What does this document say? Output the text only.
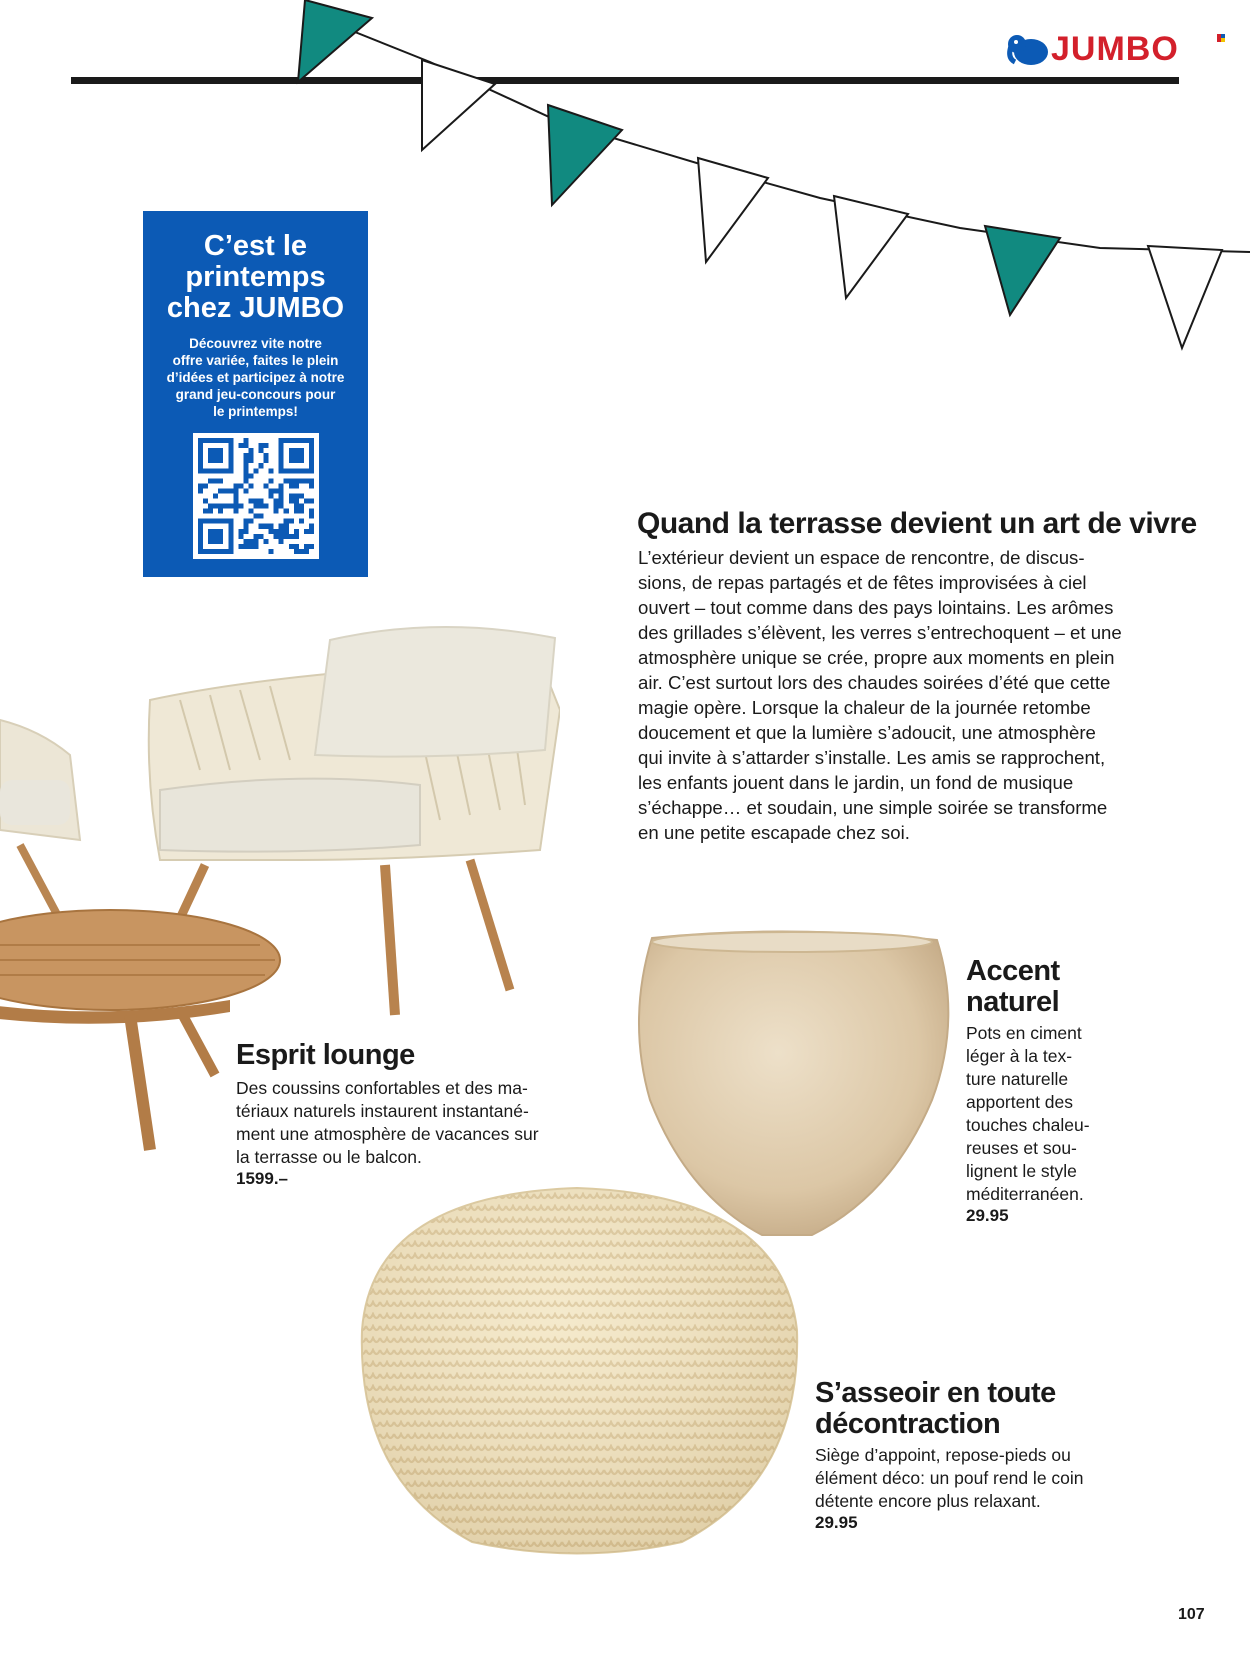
JUMBO
C’est le
printemps
chez JUMBO

Découvrez vite notre
offre variée, faites le plein
d’idées et participez à notre
grand jeu-concours pour
le printemps!

Quand la terrasse devient un art de vivre
L’extérieur devient un espace de rencontre, de discus-
sions, de repas partagés et de fêtes improvisées à ciel
ouvert – tout comme dans des pays lointains. Les arômes
des grillades s’élèvent, les verres s’entrechoquent – et une
atmosphère unique se crée, propre aux moments en plein
air. C’est surtout lors des chaudes soirées d’été que cette
magie opère. Lorsque la chaleur de la journée retombe
doucement et que la lumière s’adoucit, une atmosphère
qui invite à s’attarder s’installe. Les amis se rapprochent,
les enfants jouent dans le jardin, un fond de musique
s’échappe… et soudain, une simple soirée se transforme
en une petite escapade chez soi.
Esprit lounge
Des coussins confortables et des ma-
tériaux naturels instaurent instantané-
ment une atmosphère de vacances sur
la terrasse ou le balcon.
1599.–
Accent
naturel
Pots en ciment
léger à la tex-
ture naturelle
apportent des
touches chaleu-
reuses et sou-
lignent le style
méditerranéen.
29.95
S’asseoir en toute
décontraction
Siège d’appoint, repose-pieds ou
élément déco: un pouf rend le coin
détente encore plus relaxant.
29.95
107
